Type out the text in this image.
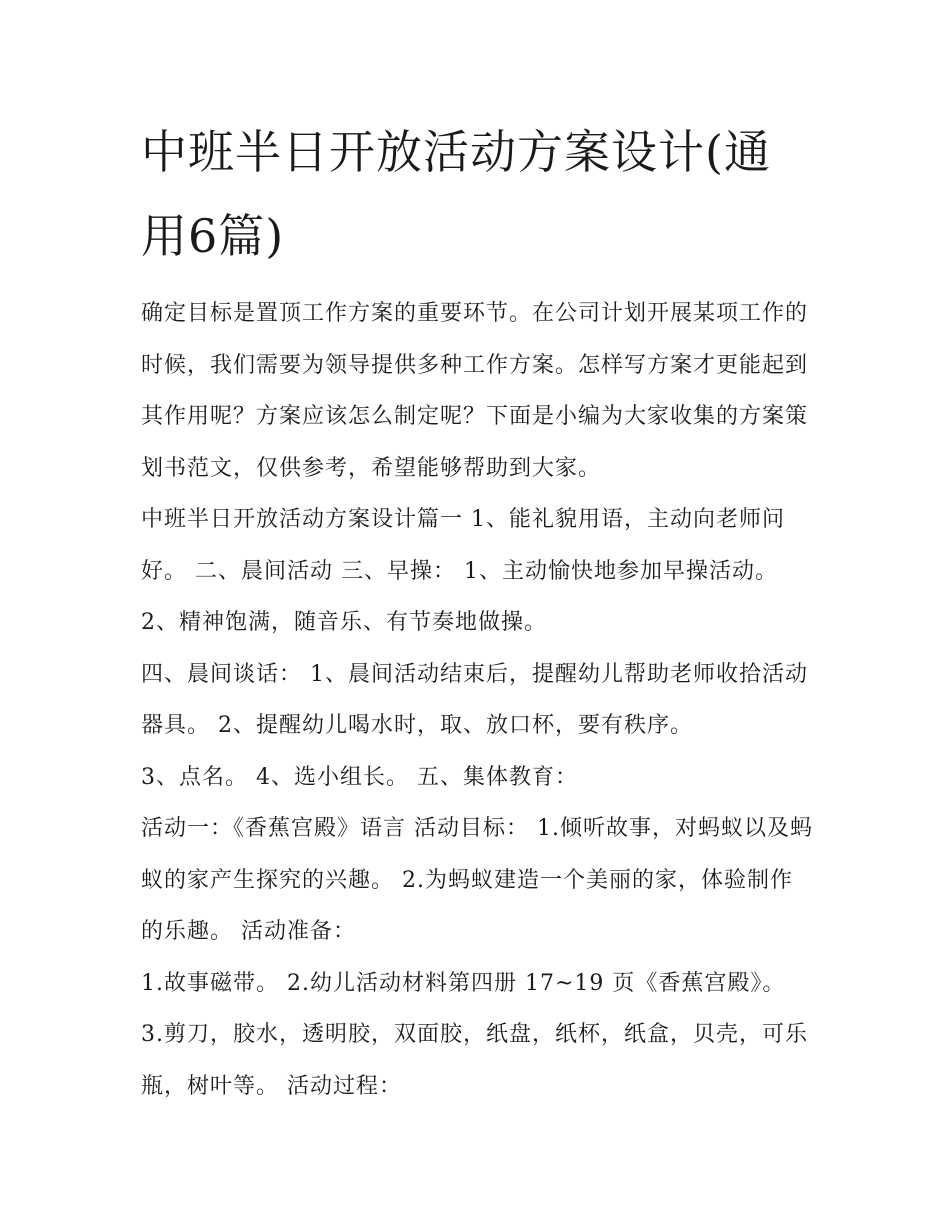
中班半日开放活动方案设计(通用6篇)

确定目标是置顶工作方案的重要环节。在公司计划开展某项工作的时候，我们需要为领导提供多种工作方案。怎样写方案才更能起到其作用呢？方案应该怎么制定呢？下面是小编为大家收集的方案策划书范文，仅供参考，希望能够帮助到大家。

中班半日开放活动方案设计篇一 1、能礼貌用语，主动向老师问好。 二、晨间活动 三、早操： 1、主动愉快地参加早操活动。 2、精神饱满，随音乐、有节奏地做操。

四、晨间谈话： 1、晨间活动结束后，提醒幼儿帮助老师收拾活动器具。 2、提醒幼儿喝水时，取、放口杯，要有秩序。

3、点名。 4、选小组长。 五、集体教育：

活动一：《香蕉宫殿》语言 活动目标： 1.倾听故事，对蚂蚁以及蚂蚁的家产生探究的兴趣。 2.为蚂蚁建造一个美丽的家，体验制作的乐趣。 活动准备：

1.故事磁带。 2.幼儿活动材料第四册 17~19 页《香蕉宫殿》。

3.剪刀，胶水，透明胶，双面胶，纸盘，纸杯，纸盒，贝壳，可乐瓶，树叶等。 活动过程：
